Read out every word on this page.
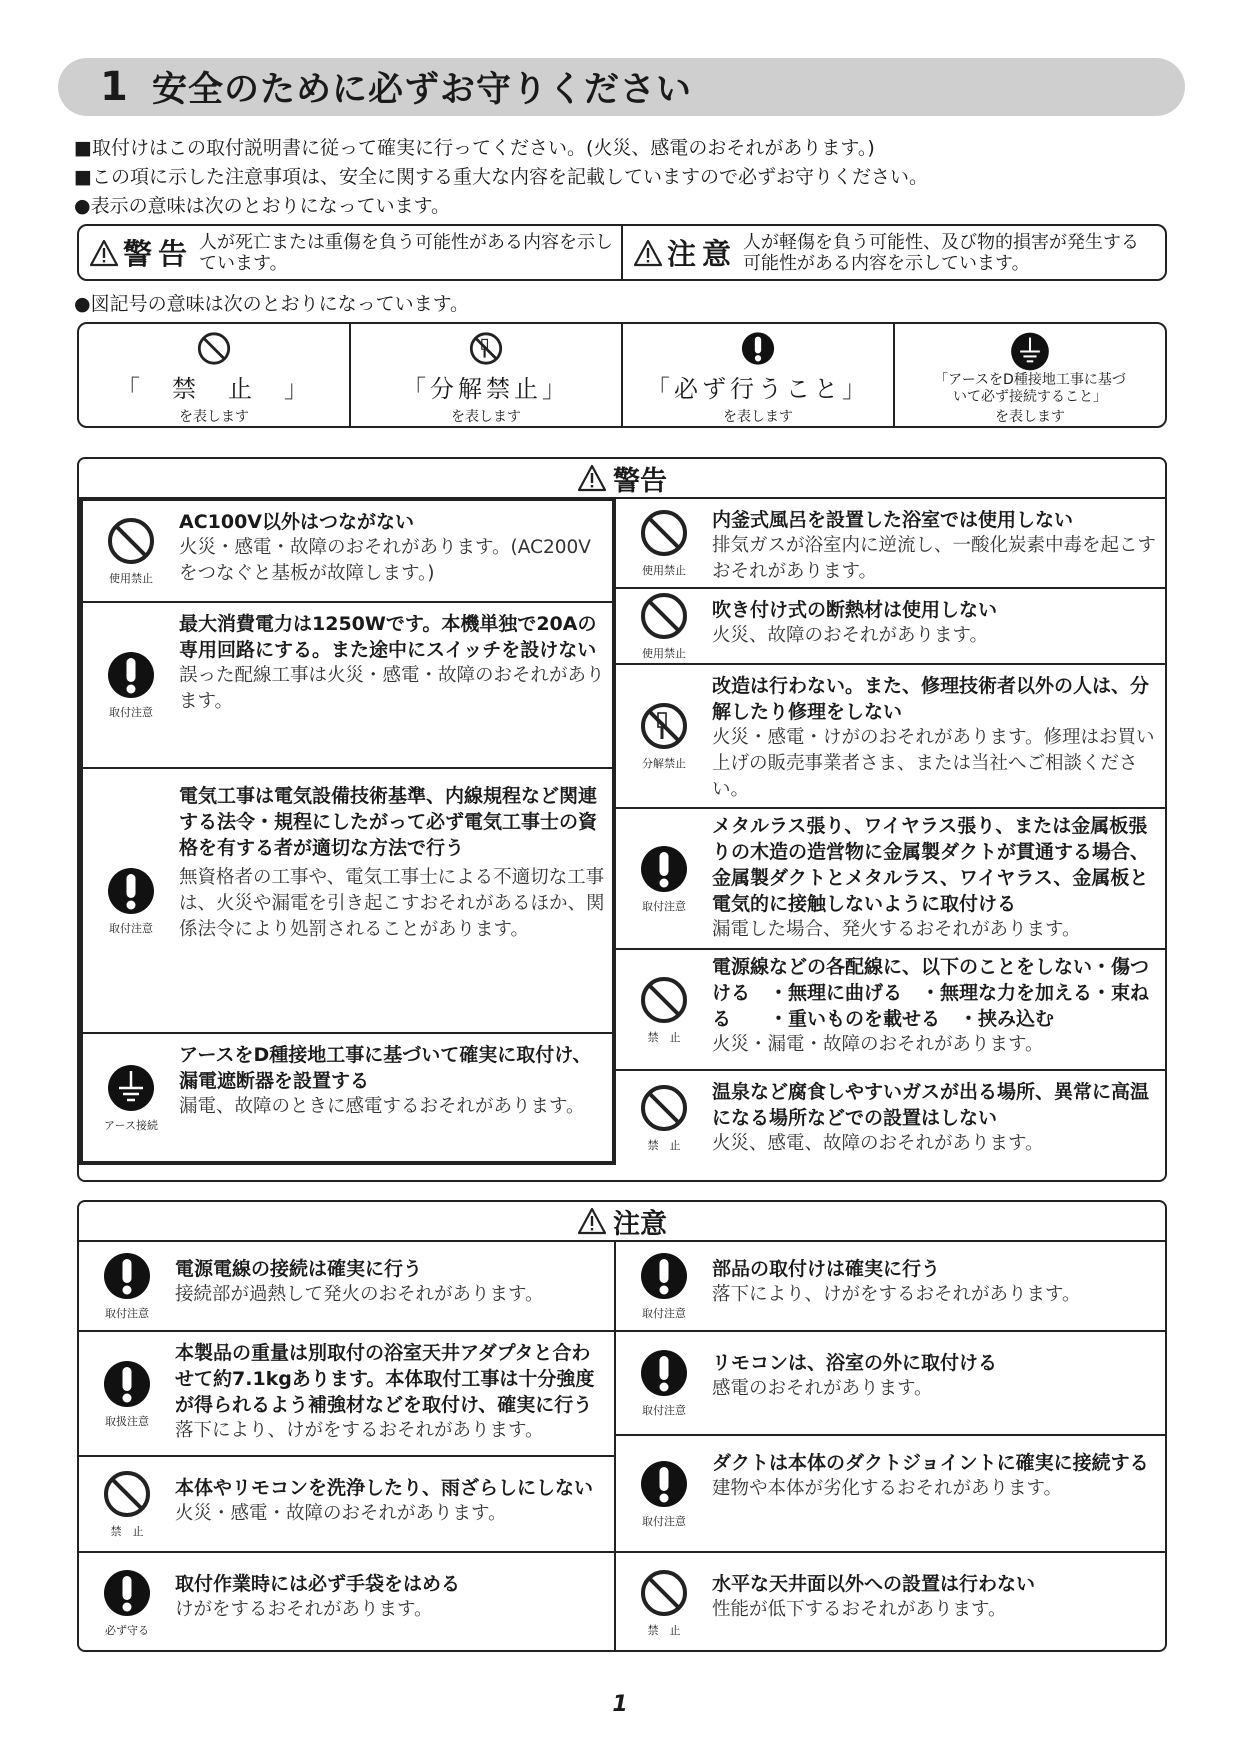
1 安全のために必ずお守りください
■取付けはこの取付説明書に従って確実に行ってください。(火災、感電のおそれがあります。)
■この項に示した注意事項は、安全に関する重大な内容を記載していますので必ずお守りください。
●表示の意味は次のとおりになっています。
警告 人が死亡または重傷を負う可能性がある内容を示しています。	注意 人が軽傷を負う可能性、及び物的損害が発生する可能性がある内容を示しています。
●図記号の意味は次のとおりになっています。
「　禁　止　」
を表します
「分解禁止」
を表します
「必ず行うこと」
を表します
「アースをD種接地工事に基づいて必ず接続すること」
を表します
警告
使用禁止
AC100V以外はつながない
火災・感電・故障のおそれがあります。(AC200Vをつなぐと基板が故障します。)
取付注意
最大消費電力は1250Wです。本機単独で20Aの専用回路にする。また途中にスイッチを設けない
誤った配線工事は火災・感電・故障のおそれがあります。
取付注意
電気工事は電気設備技術基準、内線規程など関連する法令・規程にしたがって必ず電気工事士の資格を有する者が適切な方法で行う
無資格者の工事や、電気工事士による不適切な工事は、火災や漏電を引き起こすおそれがあるほか、関係法令により処罰されることがあります。
アース接続
アースをD種接地工事に基づいて確実に取付け、漏電遮断器を設置する
漏電、故障のときに感電するおそれがあります。
使用禁止
内釜式風呂を設置した浴室では使用しない
排気ガスが浴室内に逆流し、一酸化炭素中毒を起こすおそれがあります。
使用禁止
吹き付け式の断熱材は使用しない
火災、故障のおそれがあります。
分解禁止
改造は行わない。また、修理技術者以外の人は、分解したり修理をしない
火災・感電・けがのおそれがあります。修理はお買い上げの販売事業者さま、または当社へご相談ください。
取付注意
メタルラス張り、ワイヤラス張り、または金属板張りの木造の造営物に金属製ダクトが貫通する場合、金属製ダクトとメタルラス、ワイヤラス、金属板と電気的に接触しないように取付ける
漏電した場合、発火するおそれがあります。
禁　止
電源線などの各配線に、以下のことをしない・傷つける　・無理に曲げる　・無理な力を加える・束ねる　　・重いものを載せる　・挟み込む
火災・漏電・故障のおそれがあります。
禁　止
温泉など腐食しやすいガスが出る場所、異常に高温になる場所などでの設置はしない
火災、感電、故障のおそれがあります。
注意
取付注意
電源電線の接続は確実に行う
接続部が過熱して発火のおそれがあります。
取扱注意
本製品の重量は別取付の浴室天井アダプタと合わせて約7.1kgあります。本体取付工事は十分強度が得られるよう補強材などを取付け、確実に行う
落下により、けがをするおそれがあります。
禁　止
本体やリモコンを洗浄したり、雨ざらしにしない
火災・感電・故障のおそれがあります。
必ず守る
取付作業時には必ず手袋をはめる
けがをするおそれがあります。
取付注意
部品の取付けは確実に行う
落下により、けがをするおそれがあります。
取付注意
リモコンは、浴室の外に取付ける
感電のおそれがあります。
取付注意
ダクトは本体のダクトジョイントに確実に接続する
建物や本体が劣化するおそれがあります。
禁　止
水平な天井面以外への設置は行わない
性能が低下するおそれがあります。
1
